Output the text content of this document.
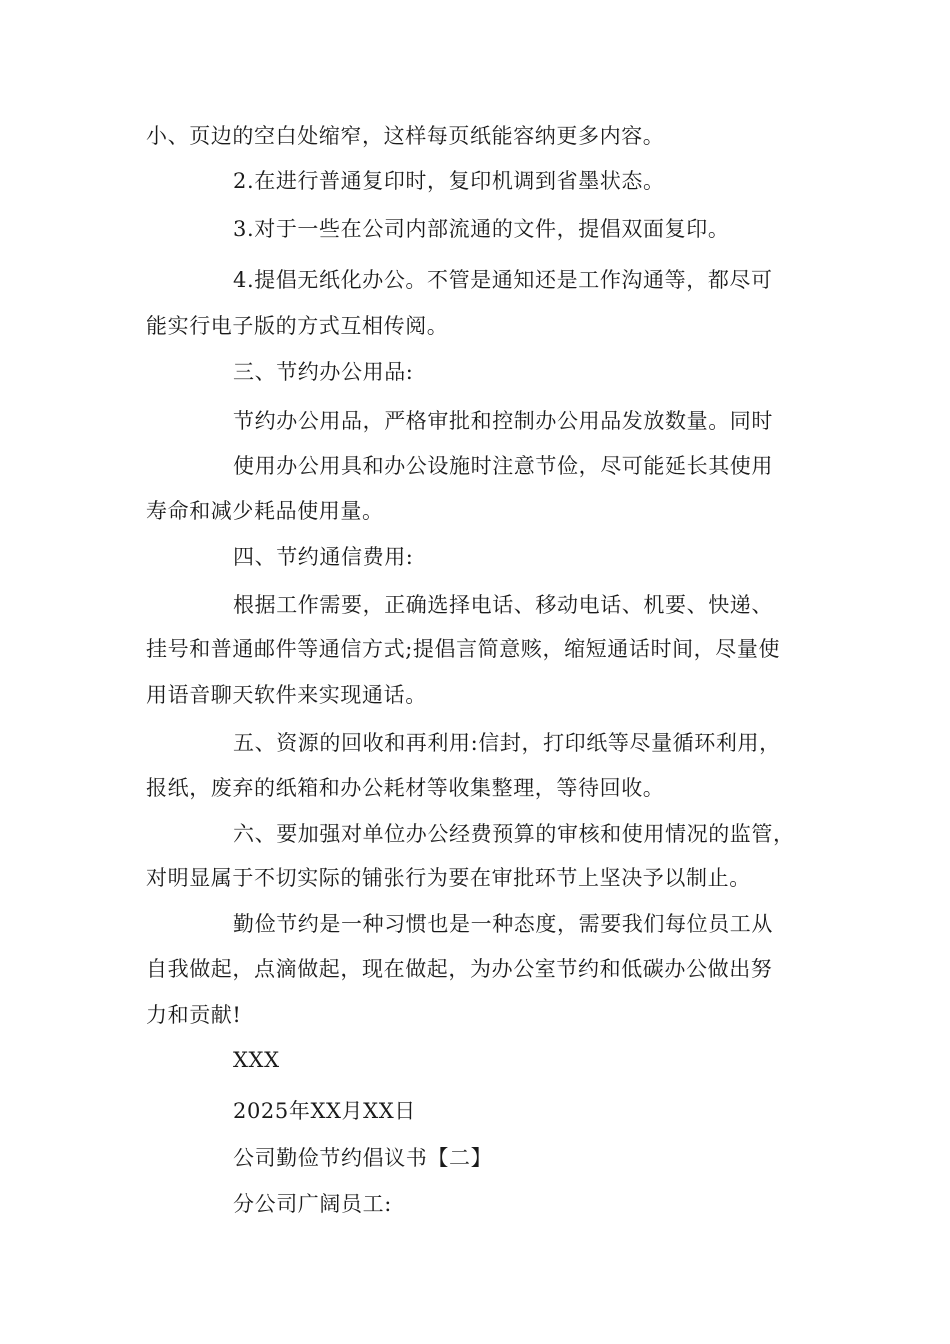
小、页边的空白处缩窄，这样每页纸能容纳更多内容。
2.在进行普通复印时，复印机调到省墨状态。
3.对于一些在公司内部流通的文件，提倡双面复印。
4.提倡无纸化办公。不管是通知还是工作沟通等，都尽可
能实行电子版的方式互相传阅。
三、节约办公用品:
节约办公用品，严格审批和控制办公用品发放数量。同时
使用办公用具和办公设施时注意节俭，尽可能延长其使用
寿命和减少耗品使用量。
四、节约通信费用:
根据工作需要，正确选择电话、移动电话、机要、快递、
挂号和普通邮件等通信方式;提倡言简意赅，缩短通话时间，尽量使
用语音聊天软件来实现通话。
五、资源的回收和再利用:信封，打印纸等尽量循环利用，
报纸，废弃的纸箱和办公耗材等收集整理，等待回收。
六、要加强对单位办公经费预算的审核和使用情况的监管，
对明显属于不切实际的铺张行为要在审批环节上坚决予以制止。
勤俭节约是一种习惯也是一种态度，需要我们每位员工从
自我做起，点滴做起，现在做起，为办公室节约和低碳办公做出努
力和贡献!
XXX
2025年XX月XX日
公司勤俭节约倡议书【二】
分公司广阔员工:
